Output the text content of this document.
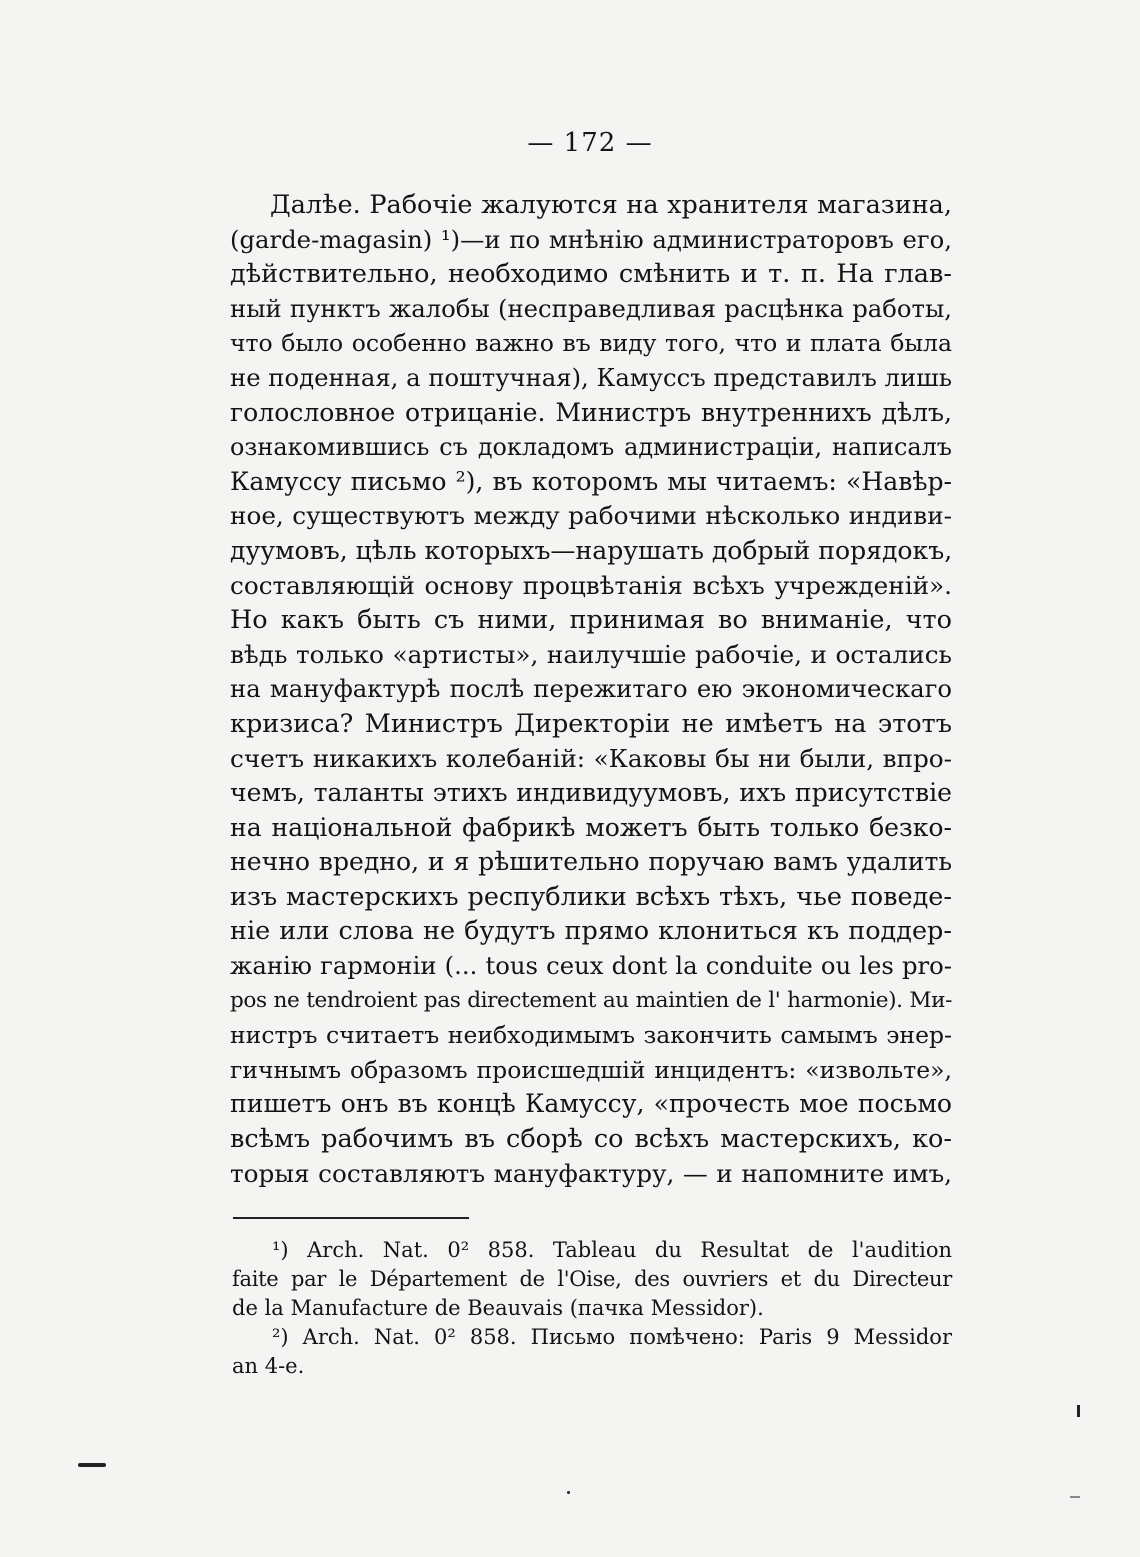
— 172 —
Далѣе. Рабочіе жалуются на хранителя магазина,
(garde-magasin) ¹)—и по мнѣнію администраторовъ его,
дѣйствительно, необходимо смѣнить и т. п. На глав-
ный пунктъ жалобы (несправедливая расцѣнка работы,
что было особенно важно въ виду того, что и плата была
не поденная, а поштучная), Камуссъ представилъ лишь
голословное отрицаніе. Министръ внутреннихъ дѣлъ,
ознакомившись съ докладомъ администраціи, написалъ
Камуссу письмо ²), въ которомъ мы читаемъ: «Навѣр-
ное, существуютъ между рабочими нѣсколько индиви-
дуумовъ, цѣль которыхъ—нарушать добрый порядокъ,
составляющій основу процвѣтанія всѣхъ учрежденій».
Но какъ быть съ ними, принимая во вниманіе, что
вѣдь только «артисты», наилучшіе рабочіе, и остались
на мануфактурѣ послѣ пережитаго ею экономическаго
кризиса? Министръ Директоріи не имѣетъ на этотъ
счетъ никакихъ колебаній: «Каковы бы ни были, впро-
чемъ, таланты этихъ индивидуумовъ, ихъ присутствіе
на національной фабрикѣ можетъ быть только безко-
нечно вредно, и я рѣшительно поручаю вамъ удалить
изъ мастерскихъ республики всѣхъ тѣхъ, чье поведе-
ніе или слова не будутъ прямо клониться къ поддер-
жанію гармоніи (... tous ceux dont la conduite ou les pro-
pos ne tendroient pas directement au maintien de l' harmonie). Ми-
нистръ считаетъ неибходимымъ закончить самымъ энер-
гичнымъ образомъ происшедшій инцидентъ: «извольте»,
пишетъ онъ въ концѣ Камуссу, «прочесть мое посьмо
всѣмъ рабочимъ въ сборѣ со всѣхъ мастерскихъ, ко-
торыя составляютъ мануфактуру, — и напомните имъ,
¹) Arch. Nat. 0² 858. Tableau du Resultat de l'audition
faite par le Département de l'Oise, des ouvriers et du Directeur
de la Manufacture de Beauvais (пачка Messidor).
²) Arch. Nat. 0² 858. Письмо помѣчено: Paris 9 Messidor
an 4-e.
